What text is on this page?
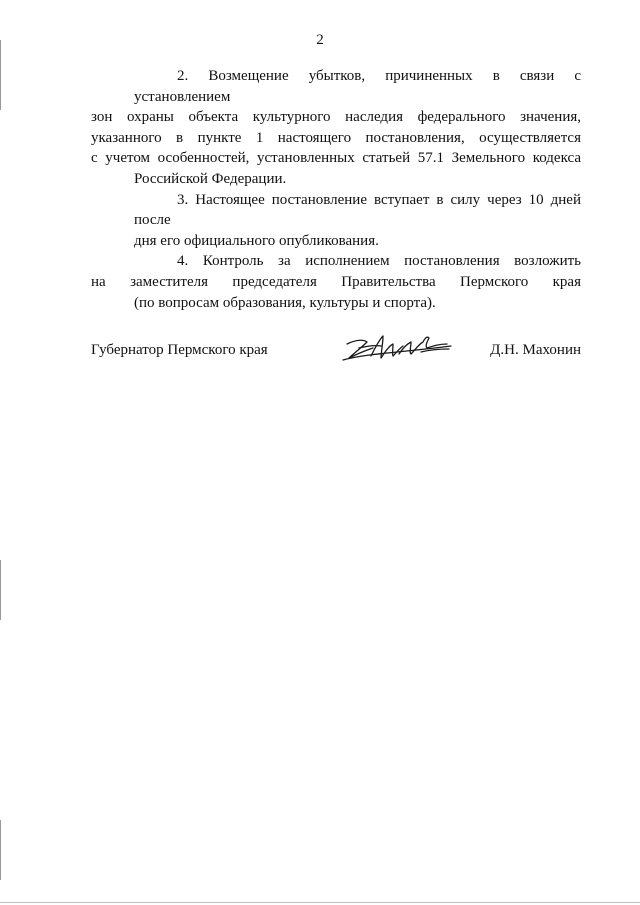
2
2. Возмещение убытков, причиненных в связи с установлением
зон охраны объекта культурного наследия федерального значения,
указанного в пункте 1 настоящего постановления, осуществляется
с учетом особенностей, установленных статьей 57.1 Земельного кодекса
Российской Федерации.
3. Настоящее постановление вступает в силу через 10 дней после
дня его официального опубликования.
4. Контроль за исполнением постановления возложить
на заместителя председателя Правительства Пермского края
(по вопросам образования, культуры и спорта).
Губернатор Пермского края	Д.Н. Махонин
